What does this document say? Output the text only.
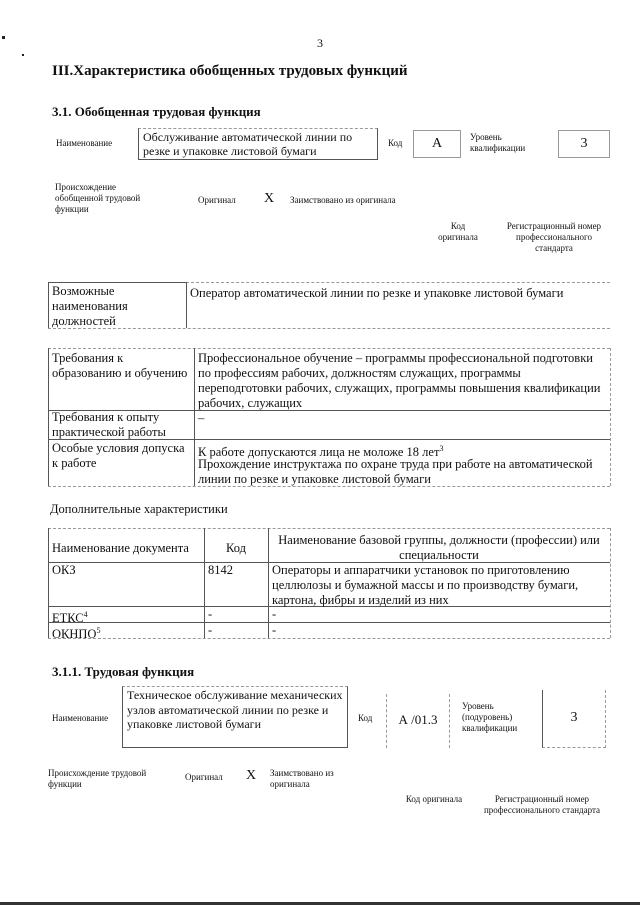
3
III.Характеристика обобщенных трудовых функций
3.1. Обобщенная трудовая функция
Наименование	Обслуживание автоматической линии по резке и упаковке листовой бумаги
Код	А	Уровень квалификации	3
Происхождение обобщенной трудовой функции
Оригинал X Заимствовано из оригинала
Код оригинала
Регистрационный номер профессионального стандарта
Возможные наименования должностей
Оператор автоматической линии по резке и упаковке листовой бумаги
Требования к образованию и обучению
Профессиональное обучение – программы профессиональной подготовки по профессиям рабочих, должностям служащих, программы переподготовки рабочих, служащих, программы повышения квалификации рабочих, служащих
Требования к опыту практической работы
–
Особые условия допуска к работе
К работе допускаются лица не моложе 18 лет$^3$
Прохождение инструктажа по охране труда при работе на автоматической линии по резке и упаковке листовой бумаги
Дополнительные характеристики
Наименование документа	Код
Наименование базовой группы, должности (профессии) или специальности
ОКЗ	8142	Операторы и аппаратчики установок по приготовлению целлюлозы и бумажной массы и по производству бумаги, картона, фибры и изделий из них
ЕТКС$^4$	-	-
ОКНПО$^5$	-	-
3.1.1. Трудовая функция
Наименование
Техническое обслуживание механических узлов автоматической линии по резке и упаковке листовой бумаги	Код	А /01.3
Уровень (подуровень) квалификации
3
Происхождение трудовой функции
Оригинал X Заимствовано из оригинала
Код оригинала	Регистрационный номер профессионального стандарта
